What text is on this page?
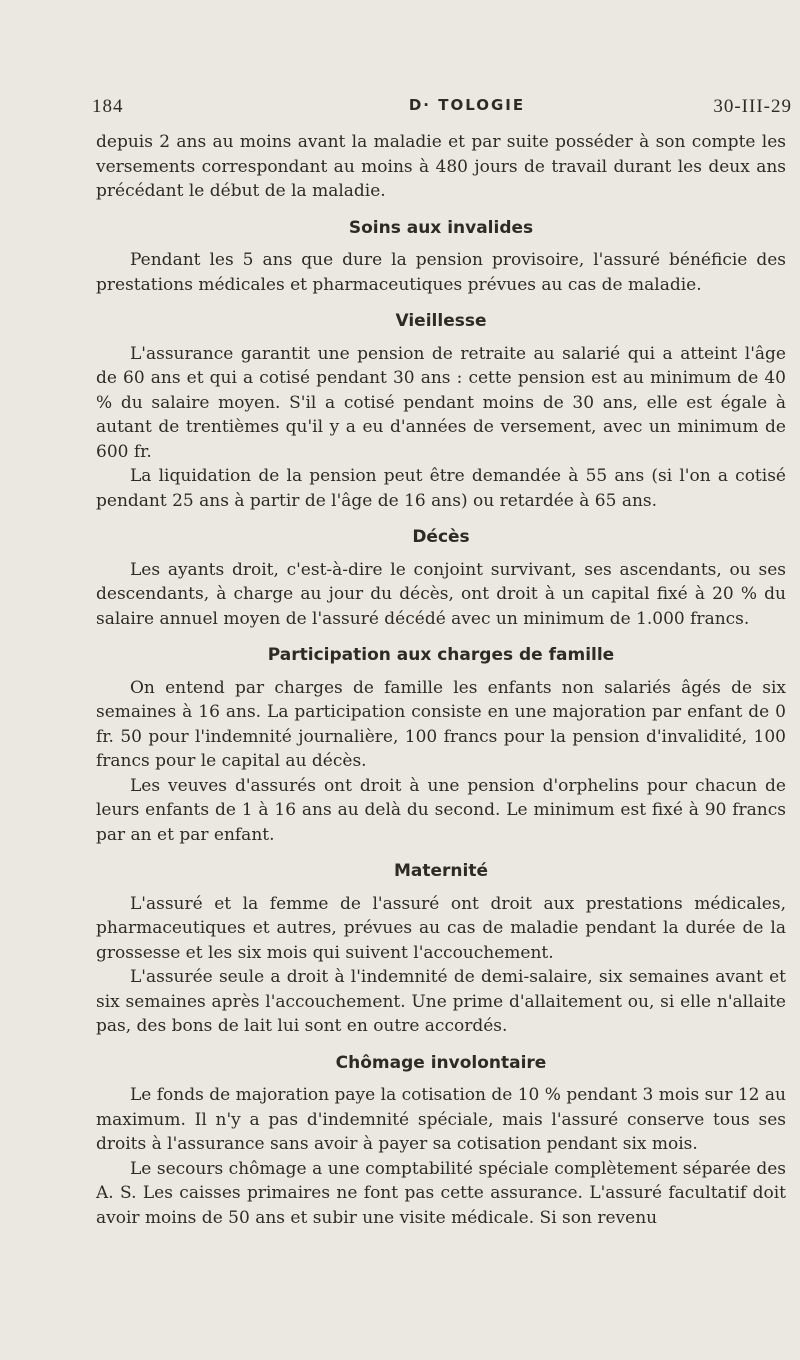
184	D· TOLOGIE	30-III-29

depuis 2 ans au moins avant la maladie et par suite posséder à son compte les versements correspondant au moins à 480 jours de travail durant les deux ans précédant le début de la maladie.

Soins aux invalides

Pendant les 5 ans que dure la pension provisoire, l'assuré bénéficie des prestations médicales et pharmaceutiques prévues au cas de maladie.

Vieillesse

L'assurance garantit une pension de retraite au salarié qui a atteint l'âge de 60 ans et qui a cotisé pendant 30 ans : cette pension est au minimum de 40 % du salaire moyen. S'il a cotisé pendant moins de 30 ans, elle est égale à autant de trentièmes qu'il y a eu d'années de versement, avec un minimum de 600 fr.

La liquidation de la pension peut être demandée à 55 ans (si l'on a cotisé pendant 25 ans à partir de l'âge de 16 ans) ou retardée à 65 ans.

Décès

Les ayants droit, c'est-à-dire le conjoint survivant, ses ascendants, ou ses descendants, à charge au jour du décès, ont droit à un capital fixé à 20 % du salaire annuel moyen de l'assuré décédé avec un minimum de 1.000 francs.

Participation aux charges de famille

On entend par charges de famille les enfants non salariés âgés de six semaines à 16 ans. La participation consiste en une majoration par enfant de 0 fr. 50 pour l'indemnité journalière, 100 francs pour la pension d'invalidité, 100 francs pour le capital au décès.

Les veuves d'assurés ont droit à une pension d'orphelins pour chacun de leurs enfants de 1 à 16 ans au delà du second. Le minimum est fixé à 90 francs par an et par enfant.

Maternité

L'assuré et la femme de l'assuré ont droit aux prestations médicales, pharmaceutiques et autres, prévues au cas de maladie pendant la durée de la grossesse et les six mois qui suivent l'accouchement.

L'assurée seule a droit à l'indemnité de demi-salaire, six semaines avant et six semaines après l'accouchement. Une prime d'allaitement ou, si elle n'allaite pas, des bons de lait lui sont en outre accordés.

Chômage involontaire

Le fonds de majoration paye la cotisation de 10 % pendant 3 mois sur 12 au maximum. Il n'y a pas d'indemnité spéciale, mais l'assuré conserve tous ses droits à l'assurance sans avoir à payer sa cotisation pendant six mois.

Le secours chômage a une comptabilité spéciale complètement séparée des A. S. Les caisses primaires ne font pas cette assurance. L'assuré facultatif doit avoir moins de 50 ans et subir une visite médicale. Si son revenu
